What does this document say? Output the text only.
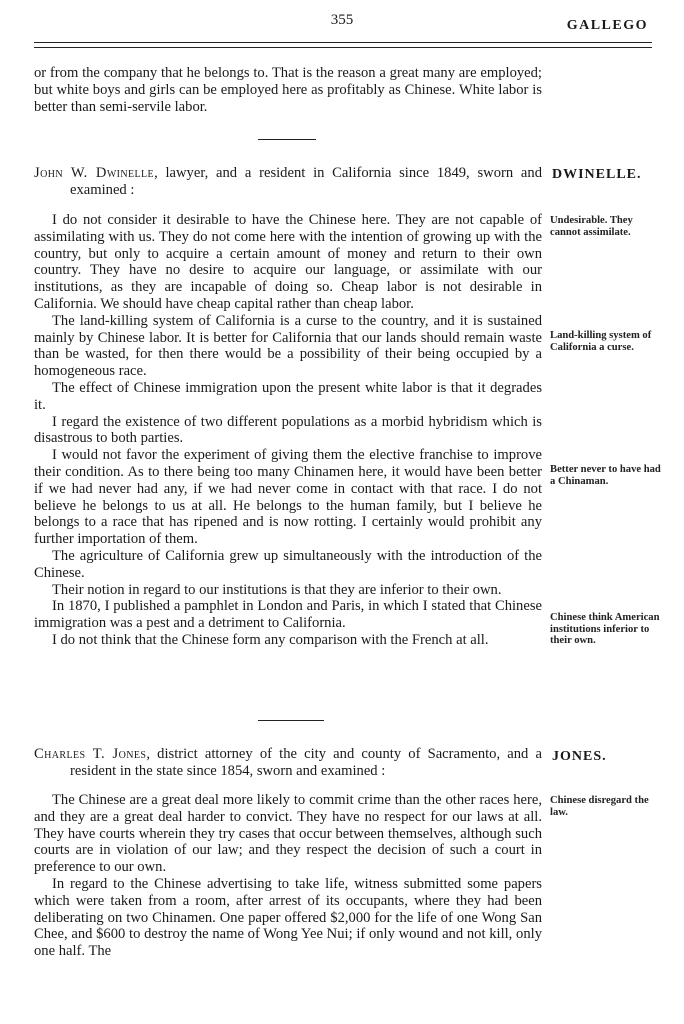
355	GALLEGO

or from the company that he belongs to. That is the reason a great many are employed; but white boys and girls can be employed here as profitably as Chinese. White labor is better than semi-servile labor.

DWINELLE.

John W. Dwinelle, lawyer, and a resident in California since 1849, sworn and examined :

I do not consider it desirable to have the Chinese here. They are not capable of assimilating with us. They do not come here with the intention of growing up with the country, but only to acquire a certain amount of money and return to their own country. They have no desire to acquire our language, or assimilate with our institutions, as they are incapable of doing so. Cheap labor is not desirable in California. We should have cheap capital rather than cheap labor.

The land-killing system of California is a curse to the country, and it is sustained mainly by Chinese labor. It is better for California that our lands should remain waste than be wasted, for then there would be a possibility of their being occupied by a homogeneous race.

The effect of Chinese immigration upon the present white labor is that it degrades it.

I regard the existence of two different populations as a morbid hybridism which is disastrous to both parties.

I would not favor the experiment of giving them the elective franchise to improve their condition. As to there being too many Chinamen here, it would have been better if we had never had any, if we had never come in contact with that race. I do not believe he belongs to us at all. He belongs to the human family, but I believe he belongs to a race that has ripened and is now rotting. I certainly would prohibit any further importation of them.

The agriculture of California grew up simultaneously with the introduction of the Chinese.

Their notion in regard to our institutions is that they are inferior to their own.

In 1870, I published a pamphlet in London and Paris, in which I stated that Chinese immigration was a pest and a detriment to California.

I do not think that the Chinese form any comparison with the French at all.

Undesirable. They cannot assimilate.
Land-killing system of California a curse.
Better never to have had a Chinaman.
Chinese think American institutions inferior to their own.
JONES.

Charles T. Jones, district attorney of the city and county of Sacramento, and a resident in the state since 1854, sworn and examined :

The Chinese are a great deal more likely to commit crime than the other races here, and they are a great deal harder to convict. They have no respect for our laws at all. They have courts wherein they try cases that occur between themselves, although such courts are in violation of our law; and they respect the decision of such a court in preference to our own.

In regard to the Chinese advertising to take life, witness submitted some papers which were taken from a room, after arrest of its occupants, where they had been deliberating on two Chinamen. One paper offered $2,000 for the life of one Wong San Chee, and $600 to destroy the name of Wong Yee Nui; if only wound and not kill, only one half. The

Chinese disregard the law.
